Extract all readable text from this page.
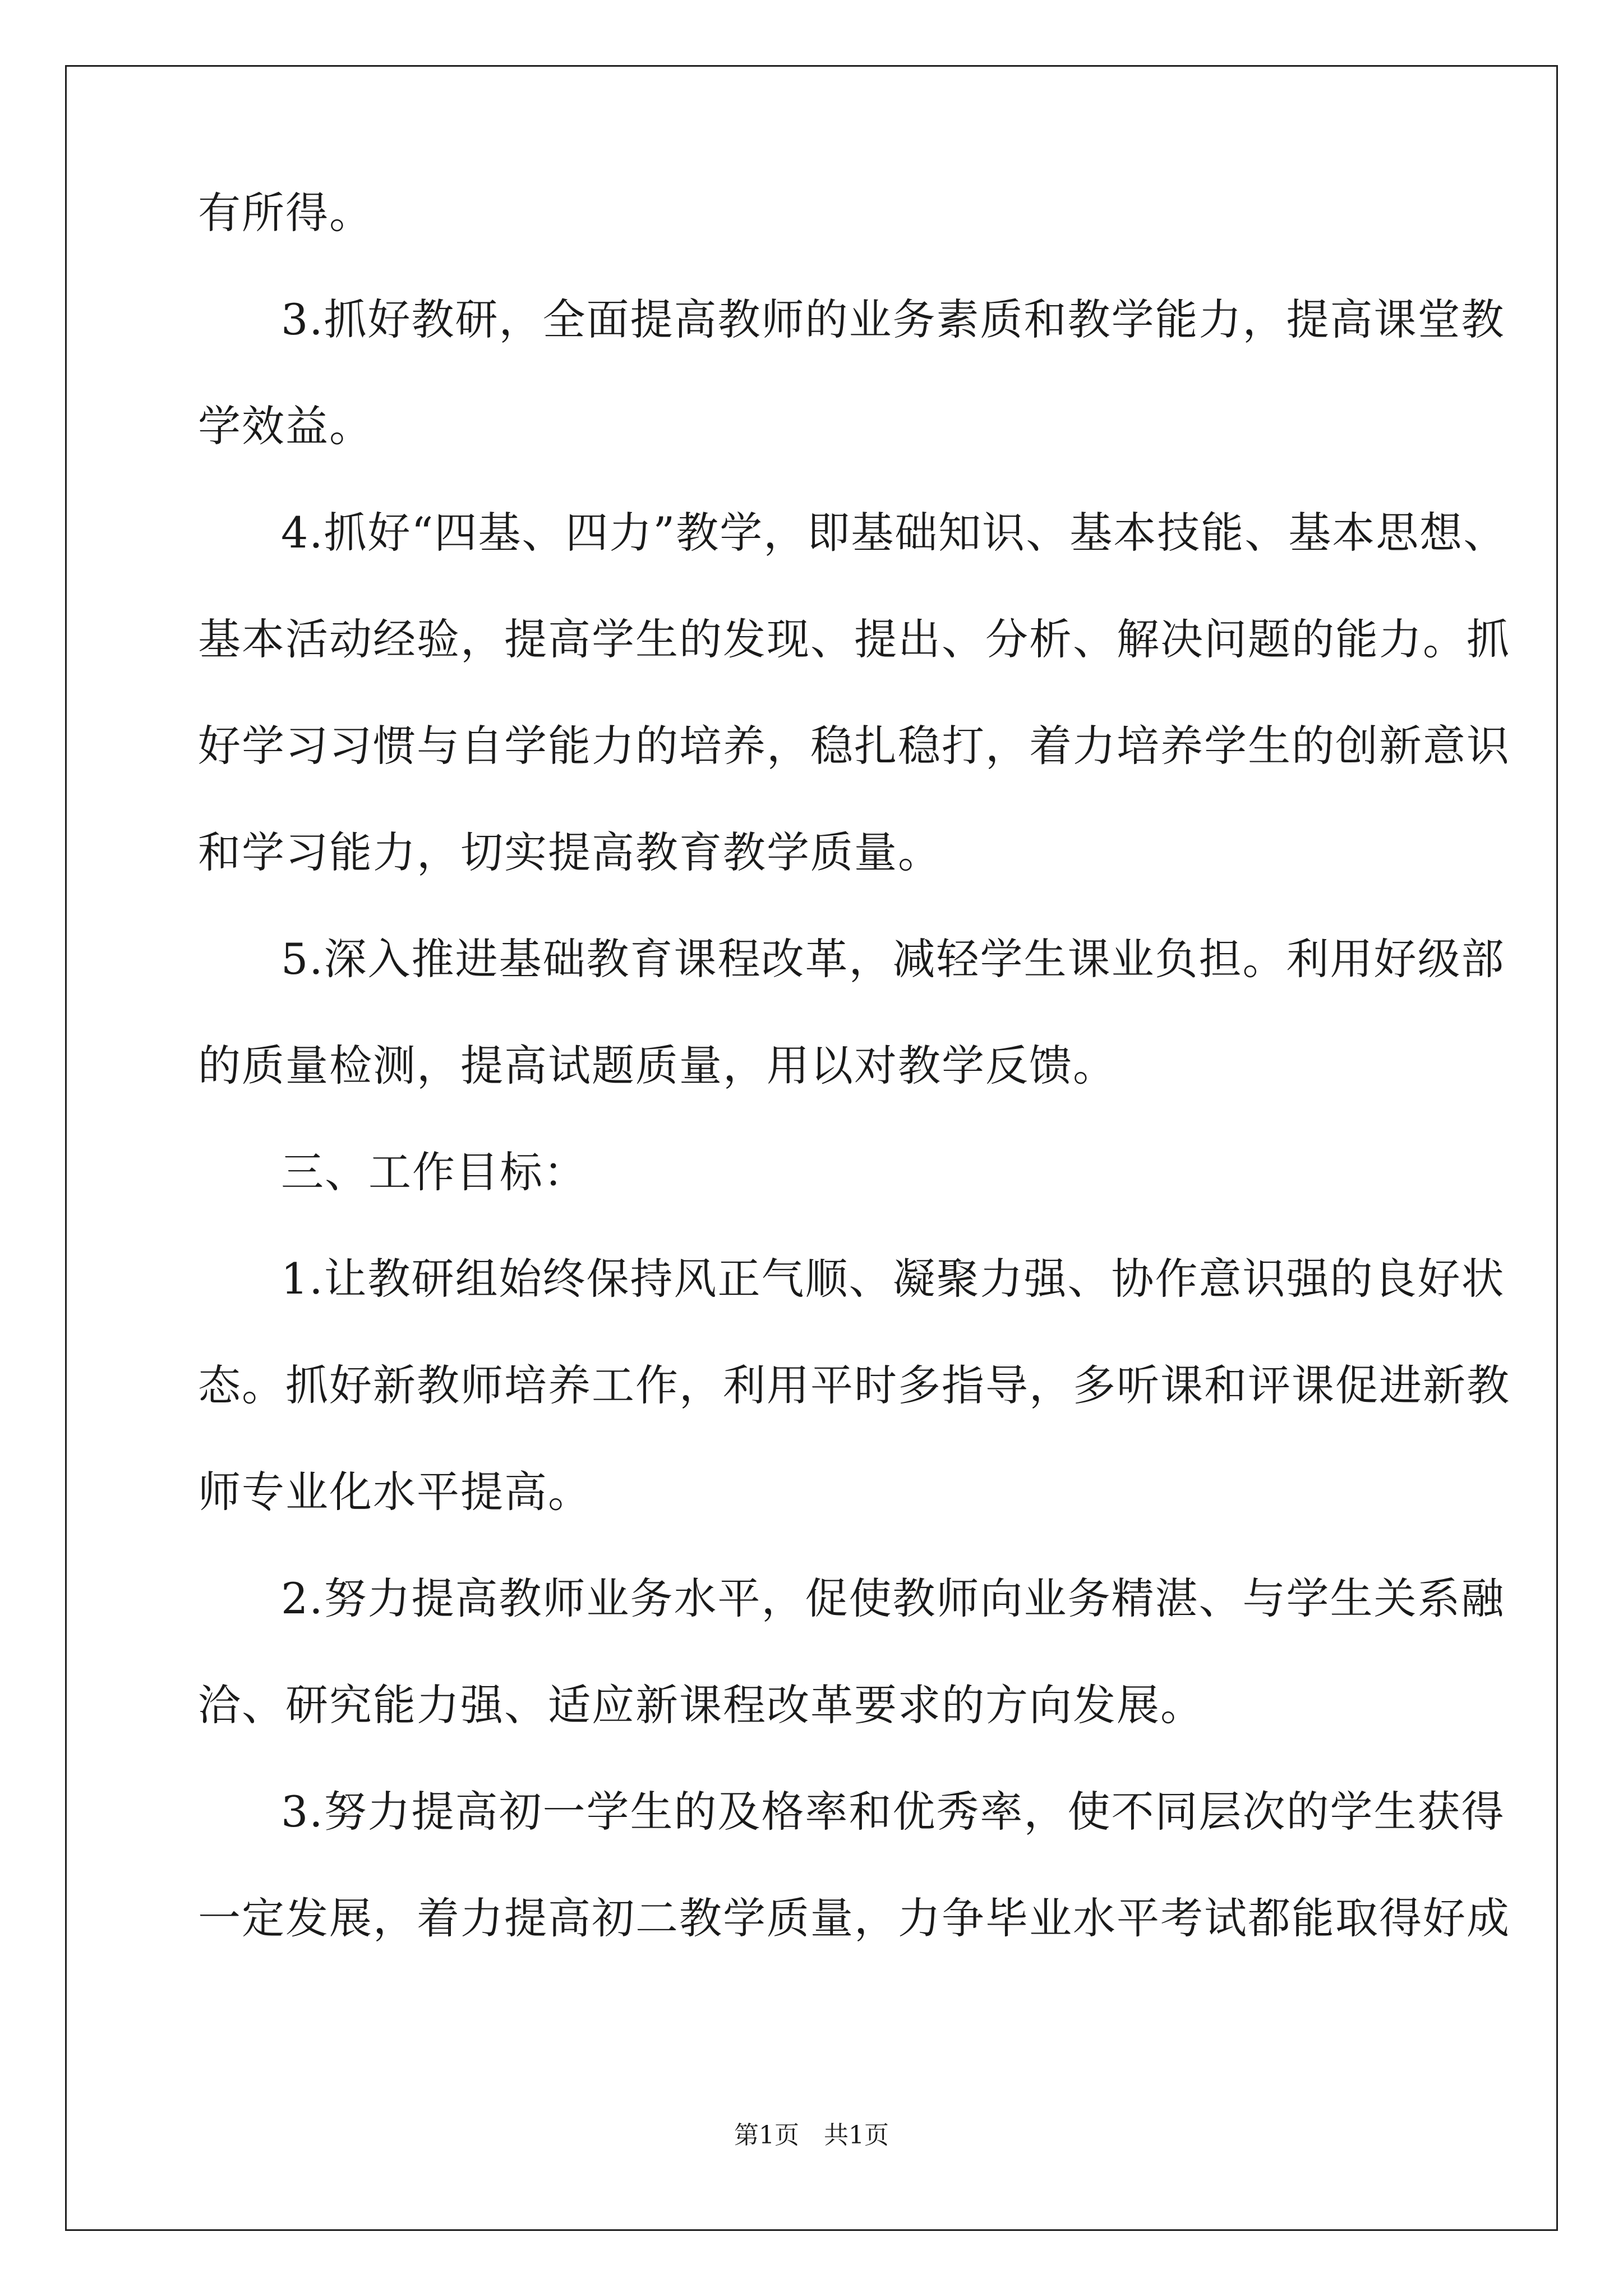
有所得。
3.抓好教研，全面提高教师的业务素质和教学能力，提高课堂教
学效益。
4.抓好“四基、四力”教学，即基础知识、基本技能、基本思想、
基本活动经验，提高学生的发现、提出、分析、解决问题的能力。抓
好学习习惯与自学能力的培养，稳扎稳打，着力培养学生的创新意识
和学习能力，切实提高教育教学质量。
5.深入推进基础教育课程改革，减轻学生课业负担。利用好级部
的质量检测，提高试题质量，用以对教学反馈。
三、工作目标：
1.让教研组始终保持风正气顺、凝聚力强、协作意识强的良好状
态。抓好新教师培养工作，利用平时多指导，多听课和评课促进新教
师专业化水平提高。
2.努力提高教师业务水平，促使教师向业务精湛、与学生关系融
洽、研究能力强、适应新课程改革要求的方向发展。
3.努力提高初一学生的及格率和优秀率，使不同层次的学生获得
一定发展，着力提高初二教学质量，力争毕业水平考试都能取得好成
第1页　共1页
